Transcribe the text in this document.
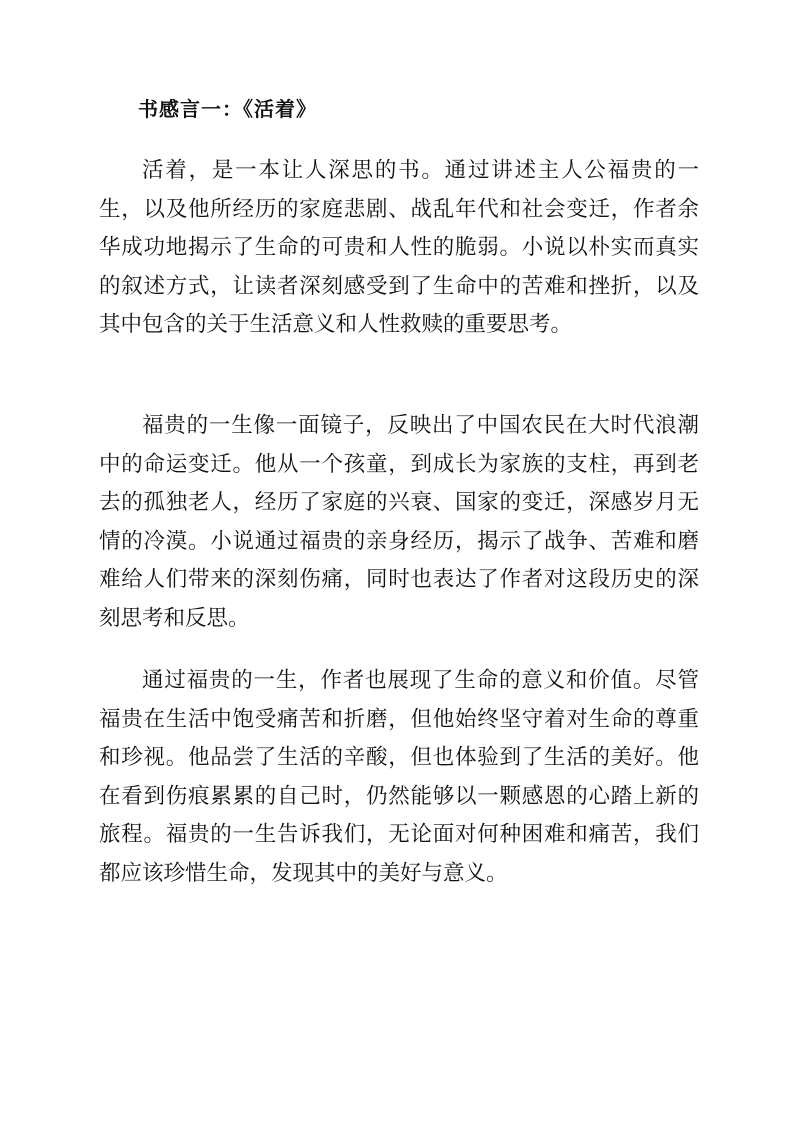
书感言一：《活着》

活着，是一本让人深思的书。通过讲述主人公福贵的一生，以及他所经历的家庭悲剧、战乱年代和社会变迁，作者余华成功地揭示了生命的可贵和人性的脆弱。小说以朴实而真实的叙述方式，让读者深刻感受到了生命中的苦难和挫折，以及其中包含的关于生活意义和人性救赎的重要思考。

福贵的一生像一面镜子，反映出了中国农民在大时代浪潮中的命运变迁。他从一个孩童，到成长为家族的支柱，再到老去的孤独老人，经历了家庭的兴衰、国家的变迁，深感岁月无情的冷漠。小说通过福贵的亲身经历，揭示了战争、苦难和磨难给人们带来的深刻伤痛，同时也表达了作者对这段历史的深刻思考和反思。

通过福贵的一生，作者也展现了生命的意义和价值。尽管福贵在生活中饱受痛苦和折磨，但他始终坚守着对生命的尊重和珍视。他品尝了生活的辛酸，但也体验到了生活的美好。他在看到伤痕累累的自己时，仍然能够以一颗感恩的心踏上新的旅程。福贵的一生告诉我们，无论面对何种困难和痛苦，我们都应该珍惜生命，发现其中的美好与意义。
